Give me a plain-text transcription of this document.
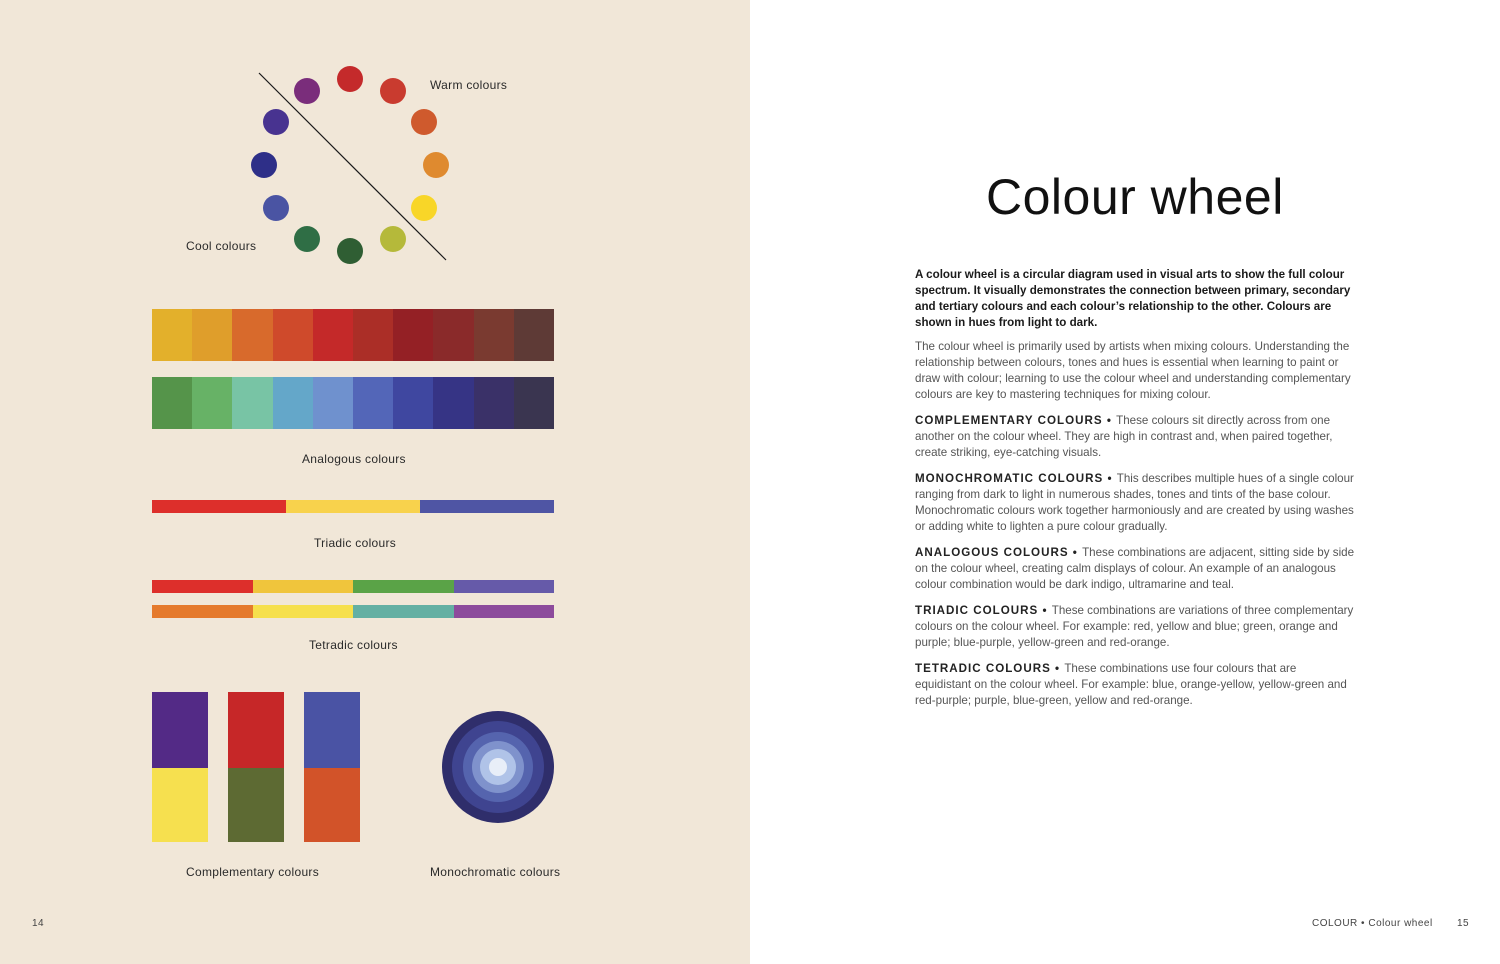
Warm colours
Cool colours
Analogous colours
Triadic colours
Tetradic colours
Complementary colours	Monochromatic colours
14
Colour wheel

A colour wheel is a circular diagram used in visual arts to show the full colour spectrum. It visually demonstrates the connection between primary, secondary and tertiary colours and each colour’s relationship to the other. Colours are shown in hues from light to dark.

The colour wheel is primarily used by artists when mixing colours. Understanding the relationship between colours, tones and hues is essential when learning to paint or draw with colour; learning to use the colour wheel and understanding complementary colours are key to mastering techniques for mixing colour.

COMPLEMENTARY COLOURS • These colours sit directly across from one another on the colour wheel. They are high in contrast and, when paired together, create striking, eye-catching visuals.

MONOCHROMATIC COLOURS • This describes multiple hues of a single colour ranging from dark to light in numerous shades, tones and tints of the base colour. Monochromatic colours work together harmoniously and are created by using washes or adding white to lighten a pure colour gradually.

ANALOGOUS COLOURS • These combinations are adjacent, sitting side by side on the colour wheel, creating calm displays of colour. An example of an analogous colour combination would be dark indigo, ultramarine and teal.

TRIADIC COLOURS • These combinations are variations of three complementary colours on the colour wheel. For example: red, yellow and blue; green, orange and purple; blue-purple, yellow-green and red-orange.

TETRADIC COLOURS • These combinations use four colours that are equidistant on the colour wheel. For example: blue, orange-yellow, yellow-green and red-purple; purple, blue-green, yellow and red-orange.

COLOUR • Colour wheel 15
